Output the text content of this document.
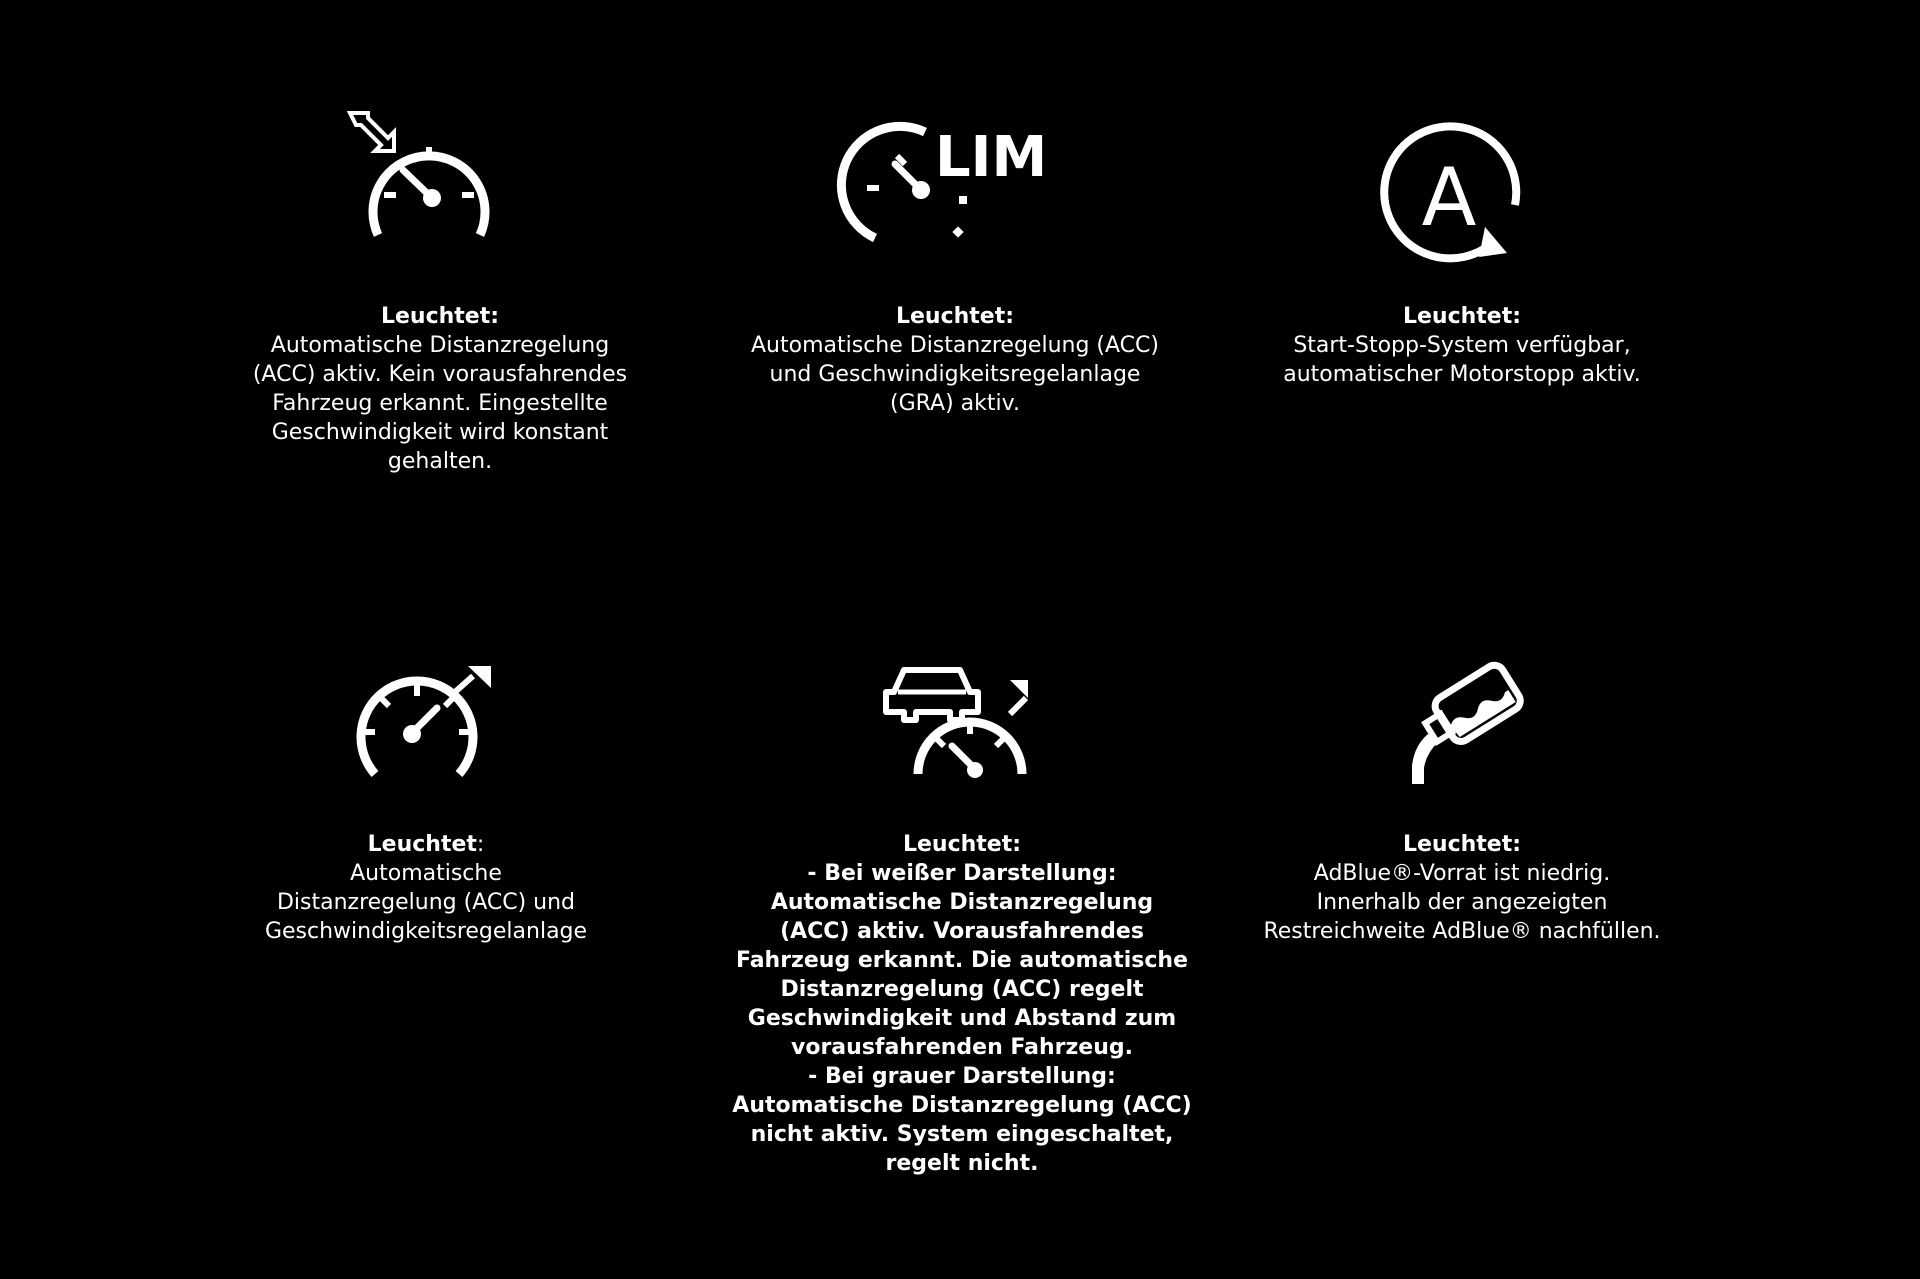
LIM	A

Leuchtet:

Automatische Distanzregelung

(ACC) aktiv. Kein vorausfahrendes

Fahrzeug erkannt. Eingestellte

Geschwindigkeit wird konstant

gehalten.

Leuchtet:

Automatische Distanzregelung (ACC)

und Geschwindigkeitsregelanlage

(GRA) aktiv.

Leuchtet:

Start-Stopp-System verfügbar,

automatischer Motorstopp aktiv.

Leuchtet:

Automatische

Distanzregelung (ACC) und

Geschwindigkeitsregelanlage

Leuchtet:

- Bei weißer Darstellung:

Automatische Distanzregelung

(ACC) aktiv. Vorausfahrendes

Fahrzeug erkannt. Die automatische

Distanzregelung (ACC) regelt

Geschwindigkeit und Abstand zum

vorausfahrenden Fahrzeug.

- Bei grauer Darstellung:

Automatische Distanzregelung (ACC)

nicht aktiv. System eingeschaltet,

regelt nicht.

Leuchtet:

AdBlue®-Vorrat ist niedrig.

Innerhalb der angezeigten

Restreichweite AdBlue® nachfüllen.
